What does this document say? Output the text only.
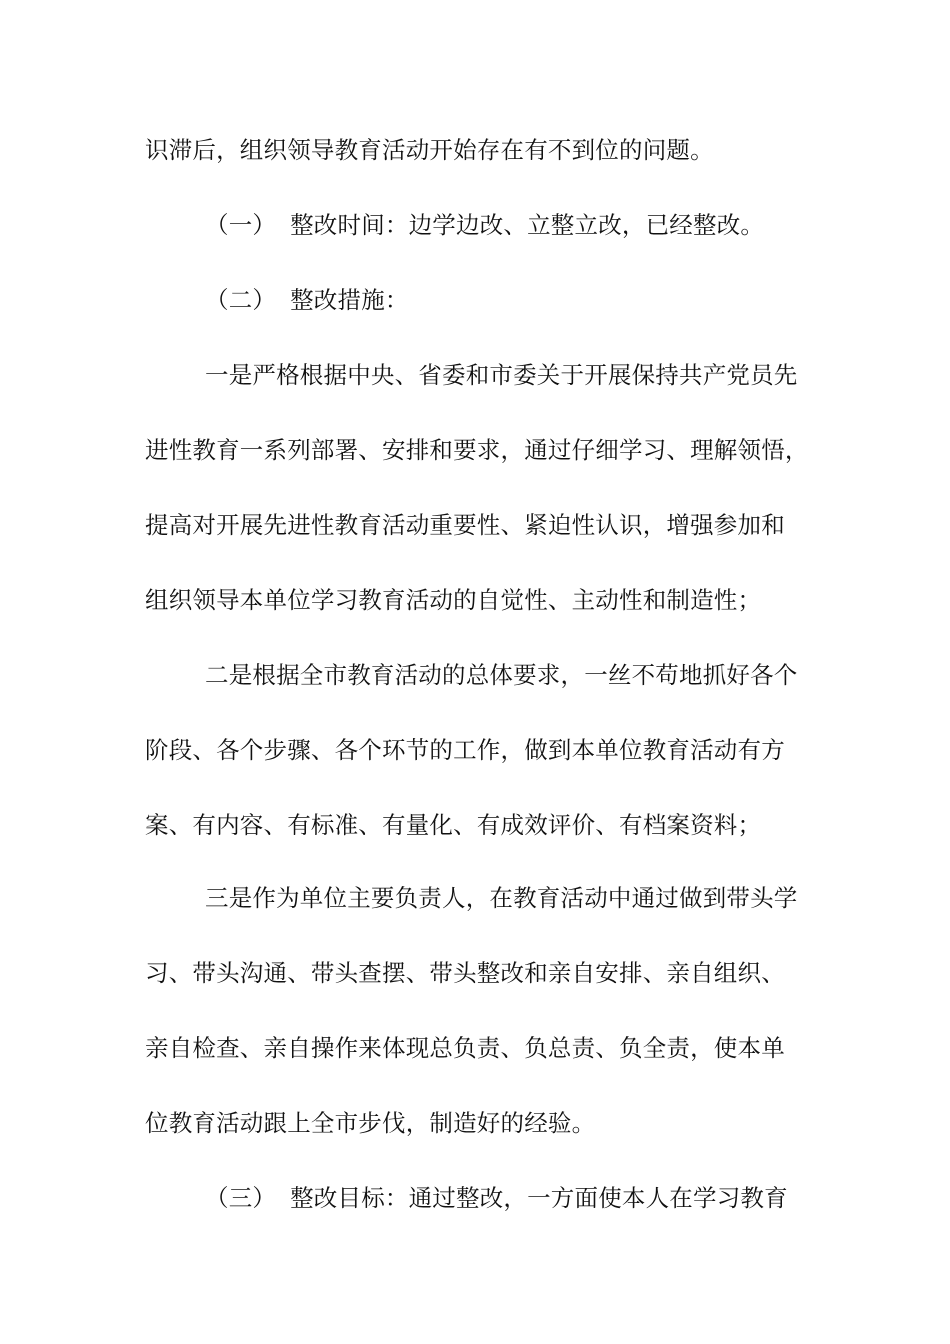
识滞后，组织领导教育活动开始存在有不到位的问题。
（一） 整改时间：边学边改、立整立改，已经整改。
（二） 整改措施：
一是严格根据中央、省委和市委关于开展保持共产党员先
进性教育一系列部署、安排和要求，通过仔细学习、理解领悟，
提高对开展先进性教育活动重要性、紧迫性认识，增强参加和
组织领导本单位学习教育活动的自觉性、主动性和制造性；
二是根据全市教育活动的总体要求，一丝不苟地抓好各个
阶段、各个步骤、各个环节的工作，做到本单位教育活动有方
案、有内容、有标准、有量化、有成效评价、有档案资料；
三是作为单位主要负责人，在教育活动中通过做到带头学
习、带头沟通、带头查摆、带头整改和亲自安排、亲自组织、
亲自检查、亲自操作来体现总负责、负总责、负全责，使本单
位教育活动跟上全市步伐，制造好的经验。
（三） 整改目标：通过整改，一方面使本人在学习教育
